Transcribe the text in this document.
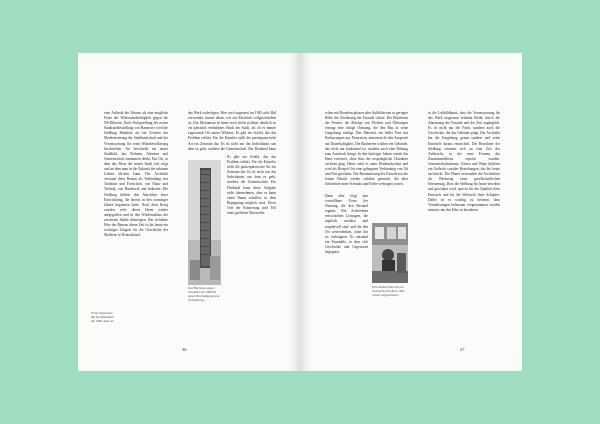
eine Ästhetik der Absenz als eine mögliche Form der Widerstandsfähigkeit gegen die NS-Diktatur. Nach Fertigstellung der neuen Stadtrandbesiedlung von Hannover wird die Siedlung Hainholz als ein Zeichen der Modernisierung der Stadtlandschaft und der Verantwortung für seine Wohnbevölkerung beschrieben. Sie beschreibt ein neues Stadtbild, das Wohnen, Arbeiten und Gemeinschaft zusammen denkt. Ein Ort, in dem das Beste der neuen Stadt sich zeigt und an dem man in die Zukunft des urbanen Lebens blicken kann. Der Architekt verstand diese Bauten als Verbindung von Tradition und Fortschritt, von Natur und Technik, von Handwerk und Industrie. Die Siedlung bildete den Abschluss einer Entwicklung, die bereits in den zwanziger Jahren begonnen hatte. Nach dem Krieg wurden viele dieser Ideen wieder aufgegriffen und in den Wiederaufbau der zerstörten Städte übertragen. Das sichtbare Erbe des Bauens dieser Zeit ist bis heute ein wichtiges Zeugnis für die Geschichte der Moderne in Deutschland.

8 Vgl. Interviews mit der Künstlerin um 1990, Seite 45

das Werk widerlegen. Hier wird zugesetzt im 1945 sehr Mal verwendet, immer daran, wie ein Abschnitt vollgeschrieben ist. Das Monument ist heute noch leicht sichtbar, deutlich ist ein plastisch verhaltenes Stück der Stadt, als ob es immer zugewandt Ort seines Wirkens. Es gibt ein Schild, das das Problem erklärt. Für die Künstler stellt die partizipatorische Art ein Zentrum dar. Es ist nicht nur das Individuum, um dem es geht, sondern die Gemeinschaft. Ein Denkmal kann

Das Hochhaus gegen Fassaden um 1988 mit bauen Beschädigung und Veränderung

Es gibt ein Schild, das das Problem erklärt. Für die Künstler stellt die partizipatorische Art ein Zentrum dar. Es ist nicht nur das Individuum, um dem es geht, sondern die Gemeinschaft. Ein Denkmal kann diese Aufgabe nicht übernehmen, aber es kann einen Raum schaffen, in dem Begegnung möglich wird. Diese Orte der Erinnerung sind Teil eines größeren Netzwerks.

36

schen mit Bauelem phasen oder Aufbildseiten in geringer Höhe die Gliederung der Fassade stiften. Der Rhythmus der Fenster, die Abfolge von Pfeilern und Öffnungen erzeugt eine ruhige Ordnung, die den Bau in seine Umgebung einfügt. Das Material, ein heller Putz mit Einfassungen aus Naturstein, unterstreicht den Anspruch auf Dauerhaftigkeit. Die Bauherren wollten ein Gebäude, das nicht nur funktional ist, sondern auch eine Haltung zum Ausdruck bringt. In den fünfziger Jahren wurde das Haus erweitert, ohne dass der ursprüngliche Charakter verloren ging. Heute steht es unter Denkmalschutz und wird als Beispiel für eine gelungene Verbindung von Alt und Neu geschätzt. Die Restaurierung der Fassade hat die feinen Details wieder sichtbar gemacht, die über Jahrzehnte unter Schmutz und Farbe verborgen waren.

Dann aber folgt nun vorstellbare Form der Nutzung, die den Bestand ergänzt. Die Architekten entwickelten Lösungen, die zugleich modern und respektvoll sind, und die den Ort weiterdenken, ohne ihn zu verleugnen. Es entstand ein Ensemble, in dem sich Geschichte und Gegenwart begegnen.

Verschiedene Berichte zur Geschichte des Baus 1961 wieder aufgenommen

in die Luftbildkunst, dass die Verantwortung für das Werk insgesamt erhalten bleibt, durch die Abnutzung der Fassade und der Zeit zugänglich. Es ist nicht nur die Form, sondern auch die Geschichte, die das Gebäude prägt. Der Architekt hat die Umgebung genau studiert und seine Entwürfe daraus entwickelt. Die Bewohner der Siedlung erinnern sich an eine Zeit des Aufbruchs, in der neue Formen des Zusammenlebens erprobt wurden. Gemeinschaftsräume, Gärten und Wege bildeten ein Geflecht sozialer Beziehungen, das bis heute nachwirkt. Die Planer verstanden die Architektur als Werkzeug einer gesellschaftlichen Erneuerung. Dass die Siedlung bis heute bewohnt und geschätzt wird, spricht für die Qualität ihres Entwurfs und für die Weitsicht ihrer Schöpfer. Dabei ist es wichtig zu betonen, dass Veränderungen behutsam vorgenommen werden müssen, um das Erbe zu bewahren.

37
